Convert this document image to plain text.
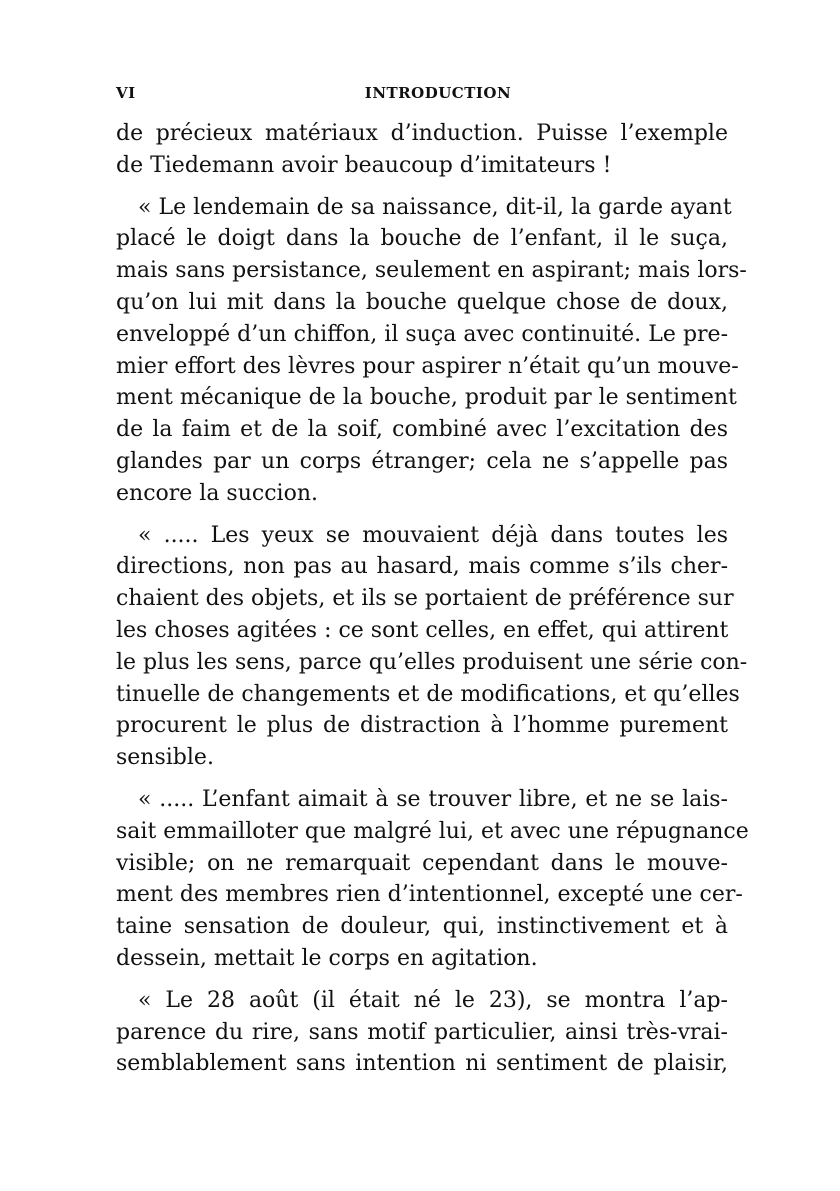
VI	INTRODUCTION
de précieux matériaux d’induction. Puisse l’exemple
de Tiedemann avoir beaucoup d’imitateurs !
« Le lendemain de sa naissance, dit-il, la garde ayant
placé le doigt dans la bouche de l’enfant, il le suça,
mais sans persistance, seulement en aspirant; mais lors-
qu’on lui mit dans la bouche quelque chose de doux,
enveloppé d’un chiffon, il suça avec continuité. Le pre-
mier effort des lèvres pour aspirer n’était qu’un mouve-
ment mécanique de la bouche, produit par le sentiment
de la faim et de la soif, combiné avec l’excitation des
glandes par un corps étranger; cela ne s’appelle pas
encore la succion.
« ..... Les yeux se mouvaient déjà dans toutes les
directions, non pas au hasard, mais comme s’ils cher-
chaient des objets, et ils se portaient de préférence sur
les choses agitées : ce sont celles, en effet, qui attirent
le plus les sens, parce qu’elles produisent une série con-
tinuelle de changements et de modifications, et qu’elles
procurent le plus de distraction à l’homme purement
sensible.
« ..... L’enfant aimait à se trouver libre, et ne se lais-
sait emmailloter que malgré lui, et avec une répugnance
visible; on ne remarquait cependant dans le mouve-
ment des membres rien d’intentionnel, excepté une cer-
taine sensation de douleur, qui, instinctivement et à
dessein, mettait le corps en agitation.
« Le 28 août (il était né le 23), se montra l’ap-
parence du rire, sans motif particulier, ainsi très-vrai-
semblablement sans intention ni sentiment de plaisir,
